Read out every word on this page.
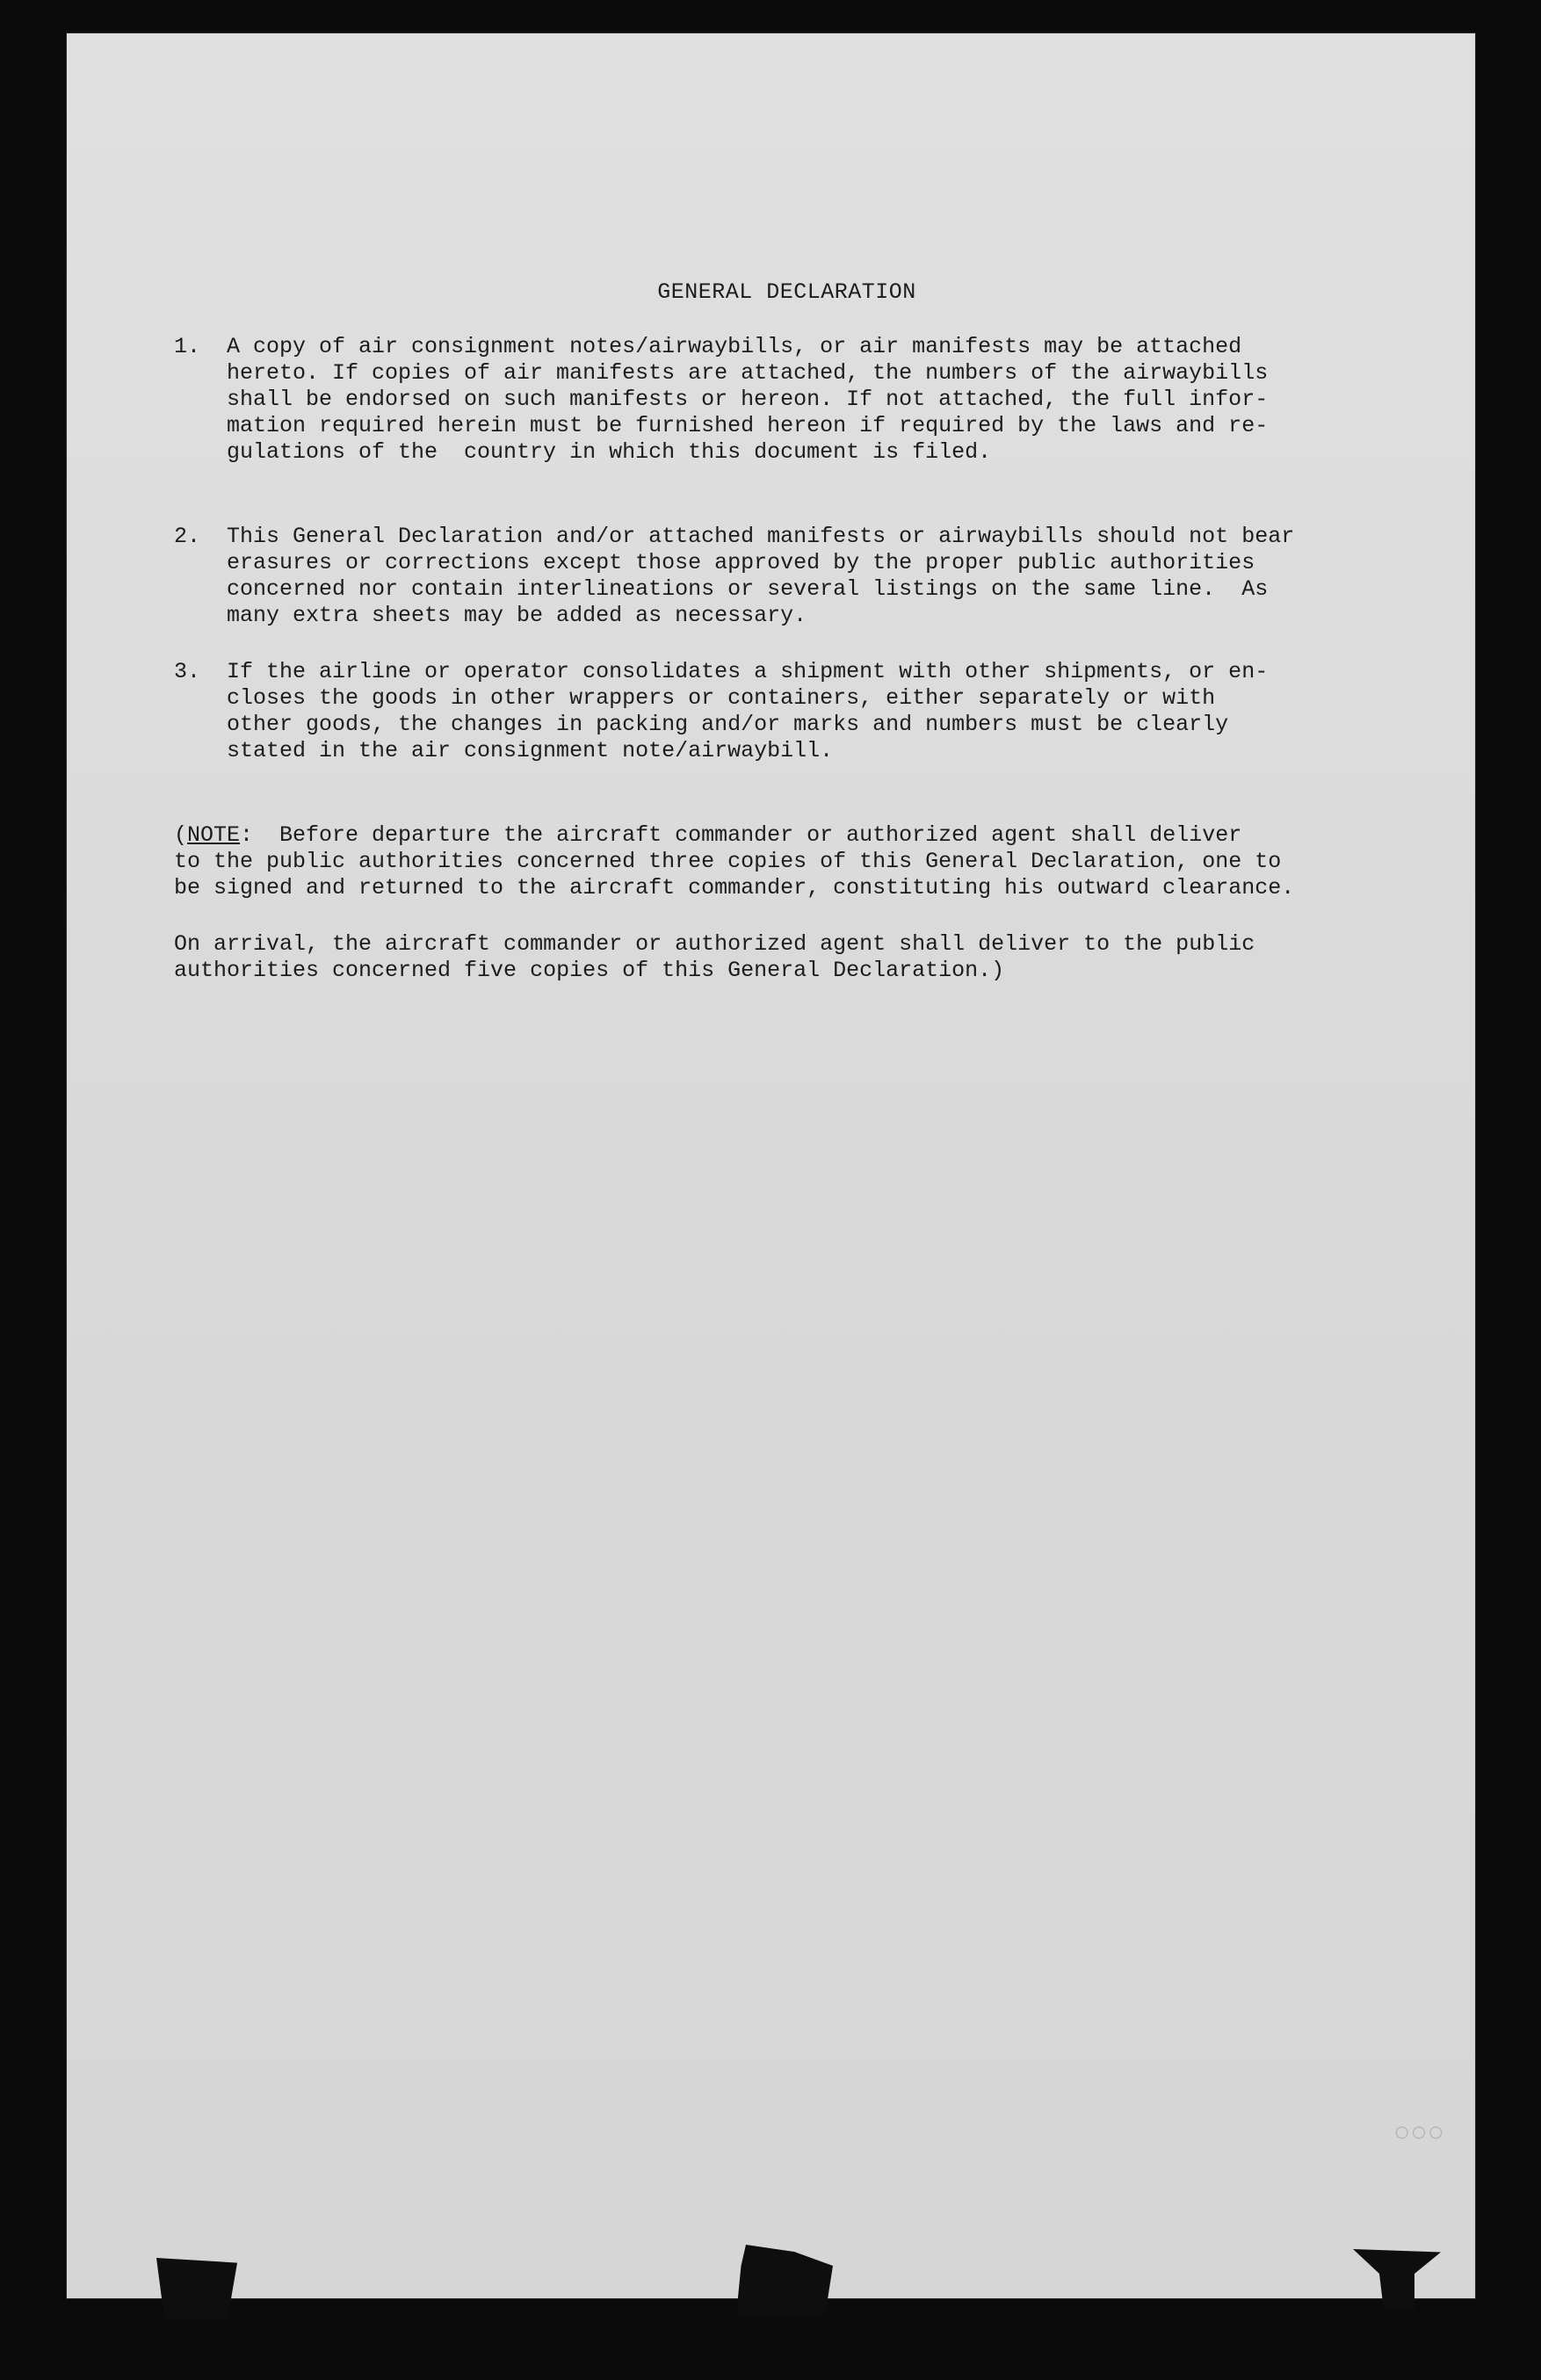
GENERAL DECLARATION
1.	A copy of air consignment notes/airwaybills, or air manifests may be attached
hereto. If copies of air manifests are attached, the numbers of the airwaybills
shall be endorsed on such manifests or hereon. If not attached, the full infor-
mation required herein must be furnished hereon if required by the laws and re-
gulations of the  country in which this document is filed.
2.	This General Declaration and/or attached manifests or airwaybills should not bear
erasures or corrections except those approved by the proper public authorities
concerned nor contain interlineations or several listings on the same line.  As
many extra sheets may be added as necessary.
3.	If the airline or operator consolidates a shipment with other shipments, or en-
closes the goods in other wrappers or containers, either separately or with
other goods, the changes in packing and/or marks and numbers must be clearly
stated in the air consignment note/airwaybill.
(NOTE:  Before departure the aircraft commander or authorized agent shall deliver
to the public authorities concerned three copies of this General Declaration, one to
be signed and returned to the aircraft commander, constituting his outward clearance.
On arrival, the aircraft commander or authorized agent shall deliver to the public
authorities concerned five copies of this General Declaration.)
○○○
